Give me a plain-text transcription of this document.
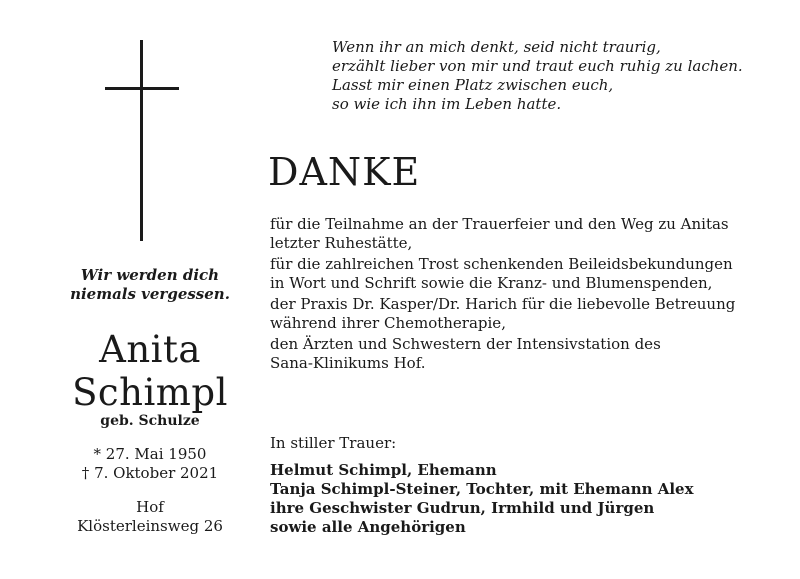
Wenn ihr an mich denkt, seid nicht traurig,
erzählt lieber von mir und traut euch ruhig zu lachen.
Lasst mir einen Platz zwischen euch,
so wie ich ihn im Leben hatte.
Wir werden dich
niemals vergessen.
Anita
Schimpl
geb. Schulze
* 27. Mai 1950
† 7. Oktober 2021
Hof
Klösterleinsweg 26
DANKE
für die Teilnahme an der Trauerfeier und den Weg zu Anitas
letzter Ruhestätte,
für die zahlreichen Trost schenkenden Beileidsbekundungen
in Wort und Schrift sowie die Kranz- und Blumenspenden,
der Praxis Dr. Kasper/Dr. Harich für die liebevolle Betreuung
während ihrer Chemotherapie,
den Ärzten und Schwestern der Intensivstation des
Sana-Klinikums Hof.
In stiller Trauer:
Helmut Schimpl, Ehemann
Tanja Schimpl-Steiner, Tochter, mit Ehemann Alex
ihre Geschwister Gudrun, Irmhild und Jürgen
sowie alle Angehörigen
